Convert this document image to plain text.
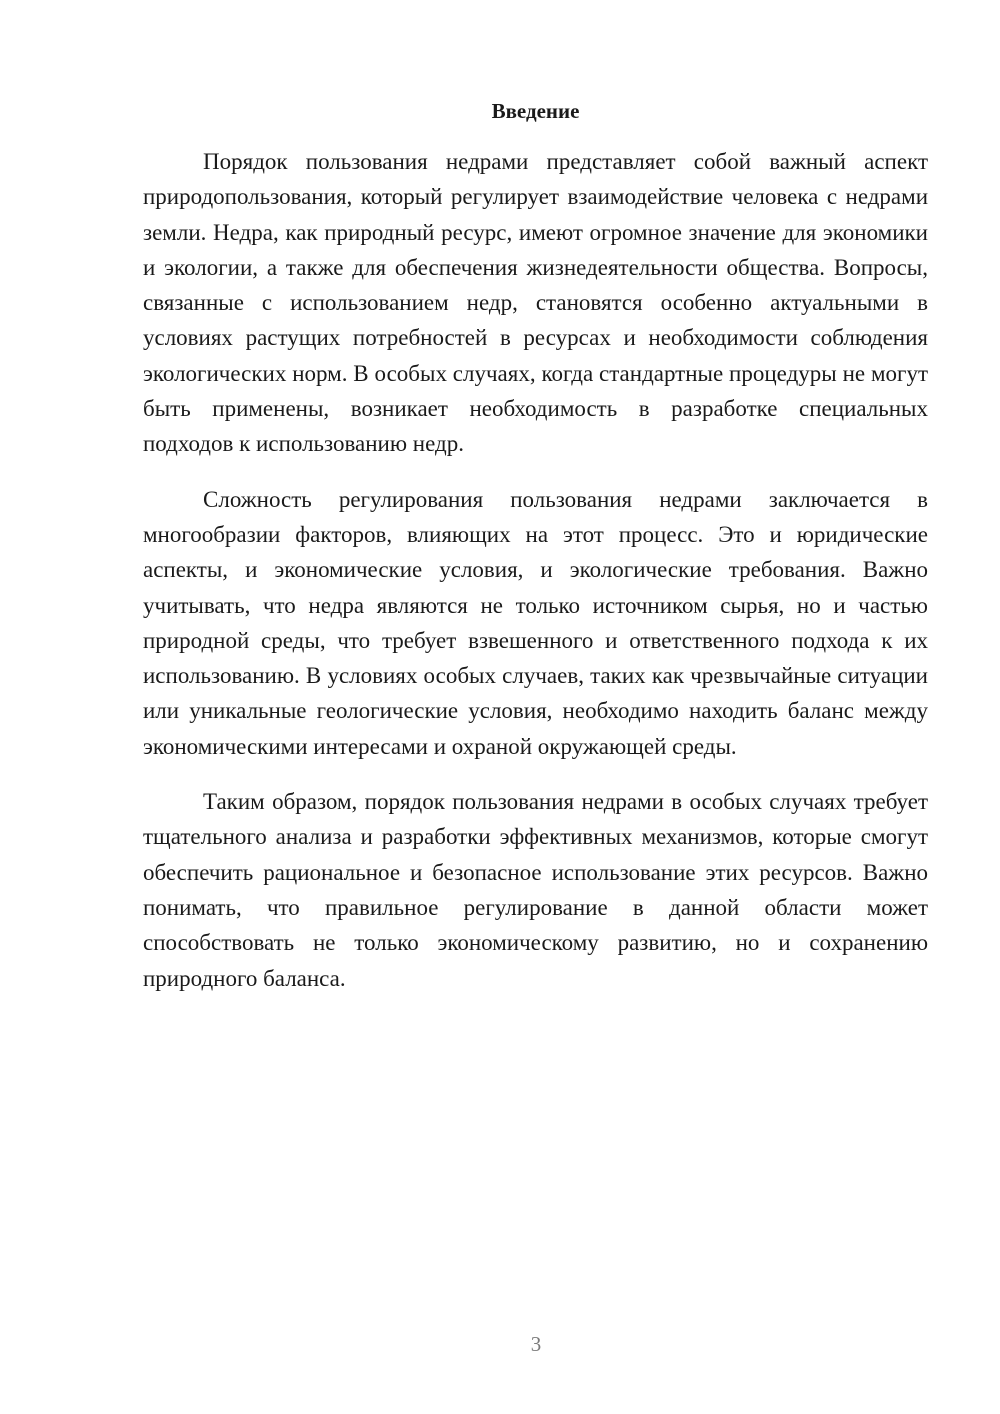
Введение

Порядок пользования недрами представляет собой важный аспект природопользования, который регулирует взаимодействие человека с недрами земли. Недра, как природный ресурс, имеют огромное значение для экономики и экологии, а также для обеспечения жизнедеятельности общества. Вопросы, связанные с использованием недр, становятся особенно актуальными в условиях растущих потребностей в ресурсах и необходимости соблюдения экологических норм. В особых случаях, когда стандартные процедуры не могут быть применены, возникает необходимость в разработке специальных подходов к использованию недр.

Сложность регулирования пользования недрами заключается в многообразии факторов, влияющих на этот процесс. Это и юридические аспекты, и экономические условия, и экологические требования. Важно учитывать, что недра являются не только источником сырья, но и частью природной среды, что требует взвешенного и ответственного подхода к их использованию. В условиях особых случаев, таких как чрезвычайные ситуации или уникальные геологические условия, необходимо находить баланс между экономическими интересами и охраной окружающей среды.

Таким образом, порядок пользования недрами в особых случаях требует тщательного анализа и разработки эффективных механизмов, которые смогут обеспечить рациональное и безопасное использование этих ресурсов. Важно понимать, что правильное регулирование в данной области может способствовать не только экономическому развитию, но и сохранению природного баланса.

3
